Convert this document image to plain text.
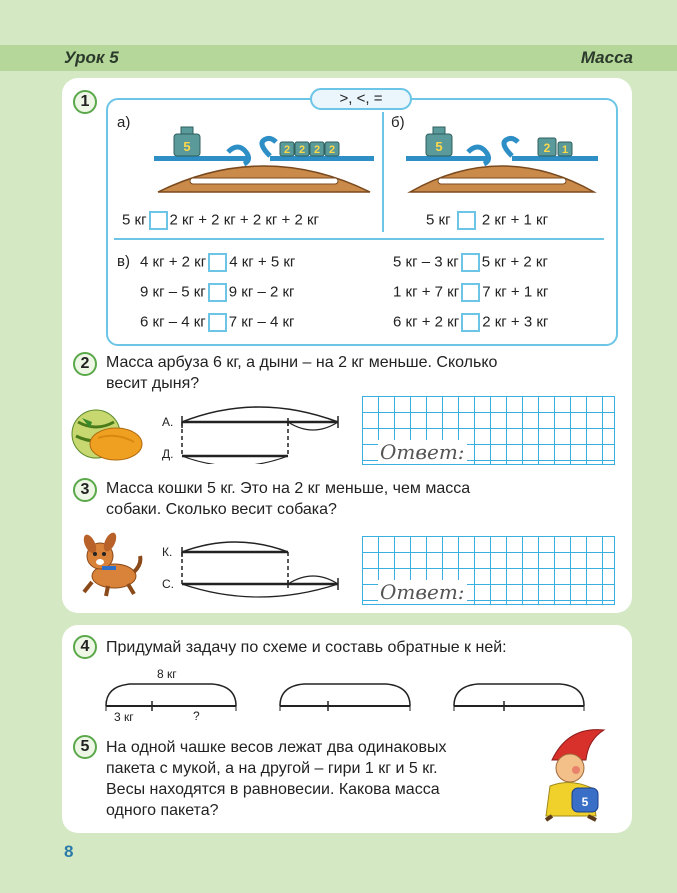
Урок 5	Масса
1	>, <, =
а)	б)
5	2 2 2 2	5	2 1
5 кг 2 кг + 2 кг + 2 кг + 2 кг	5 кг 2 кг + 1 кг
в) 4 кг + 2 кг 4 кг + 5 кг	5 кг – 3 кг 5 кг + 2 кг
9 кг – 5 кг 9 кг – 2 кг	1 кг + 7 кг 7 кг + 1 кг
6 кг – 4 кг 7 кг – 4 кг	6 кг + 2 кг 2 кг + 3 кг
2	Масса арбуза 6 кг, а дыни – на 2 кг меньше. Сколько
весит дыня?
А.
Д.	Ответ:
3	Масса кошки 5 кг. Это на 2 кг меньше, чем масса
собаки. Сколько весит собака?
К.
С.	Ответ:
4	Придумай задачу по схеме и составь обратные к ней:
8 кг
3 кг	?
5	На одной чашке весов лежат два одинаковых
пакета с мукой, а на другой – гири 1 кг и 5 кг.
Весы находятся в равновесии. Какова масса
одного пакета?	5
8
